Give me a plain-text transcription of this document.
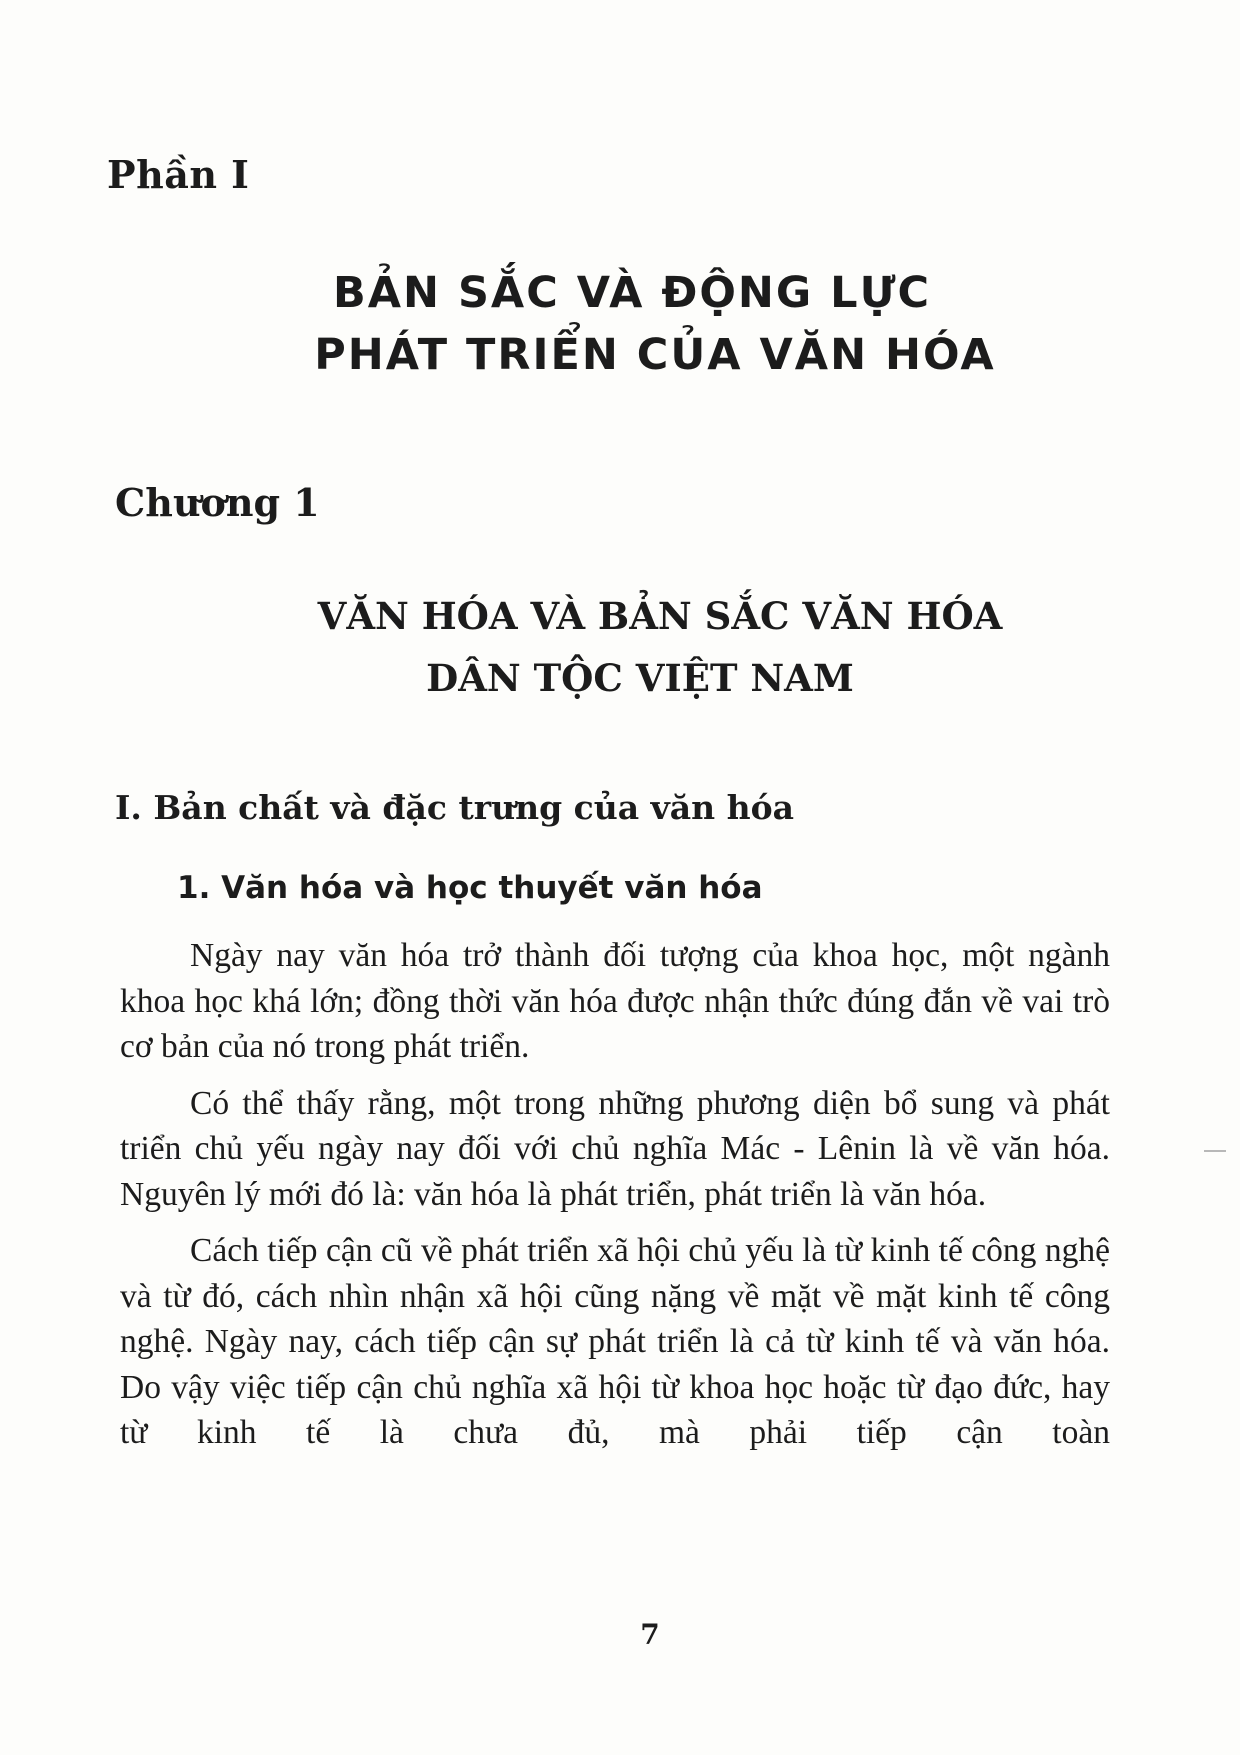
Phần I
BẢN SẮC VÀ ĐỘNG LỰC
PHÁT TRIỂN CỦA VĂN HÓA
Chương 1
VĂN HÓA VÀ BẢN SẮC VĂN HÓA
DÂN TỘC VIỆT NAM
I. Bản chất và đặc trưng của văn hóa
1. Văn hóa và học thuyết văn hóa

Ngày nay văn hóa trở thành đối tượng của khoa học, một ngành khoa học khá lớn; đồng thời văn hóa được nhận thức đúng đắn về vai trò cơ bản của nó trong phát triển.

Có thể thấy rằng, một trong những phương diện bổ sung và phát triển chủ yếu ngày nay đối với chủ nghĩa Mác - Lênin là về văn hóa. Nguyên lý mới đó là: văn hóa là phát triển, phát triển là văn hóa.

Cách tiếp cận cũ về phát triển xã hội chủ yếu là từ kinh tế công nghệ và từ đó, cách nhìn nhận xã hội cũng nặng về mặt về mặt kinh tế công nghệ. Ngày nay, cách tiếp cận sự phát triển là cả từ kinh tế và văn hóa. Do vậy việc tiếp cận chủ nghĩa xã hội từ khoa học hoặc từ đạo đức, hay từ kinh tế là chưa đủ, mà phải tiếp cận toàn

7
